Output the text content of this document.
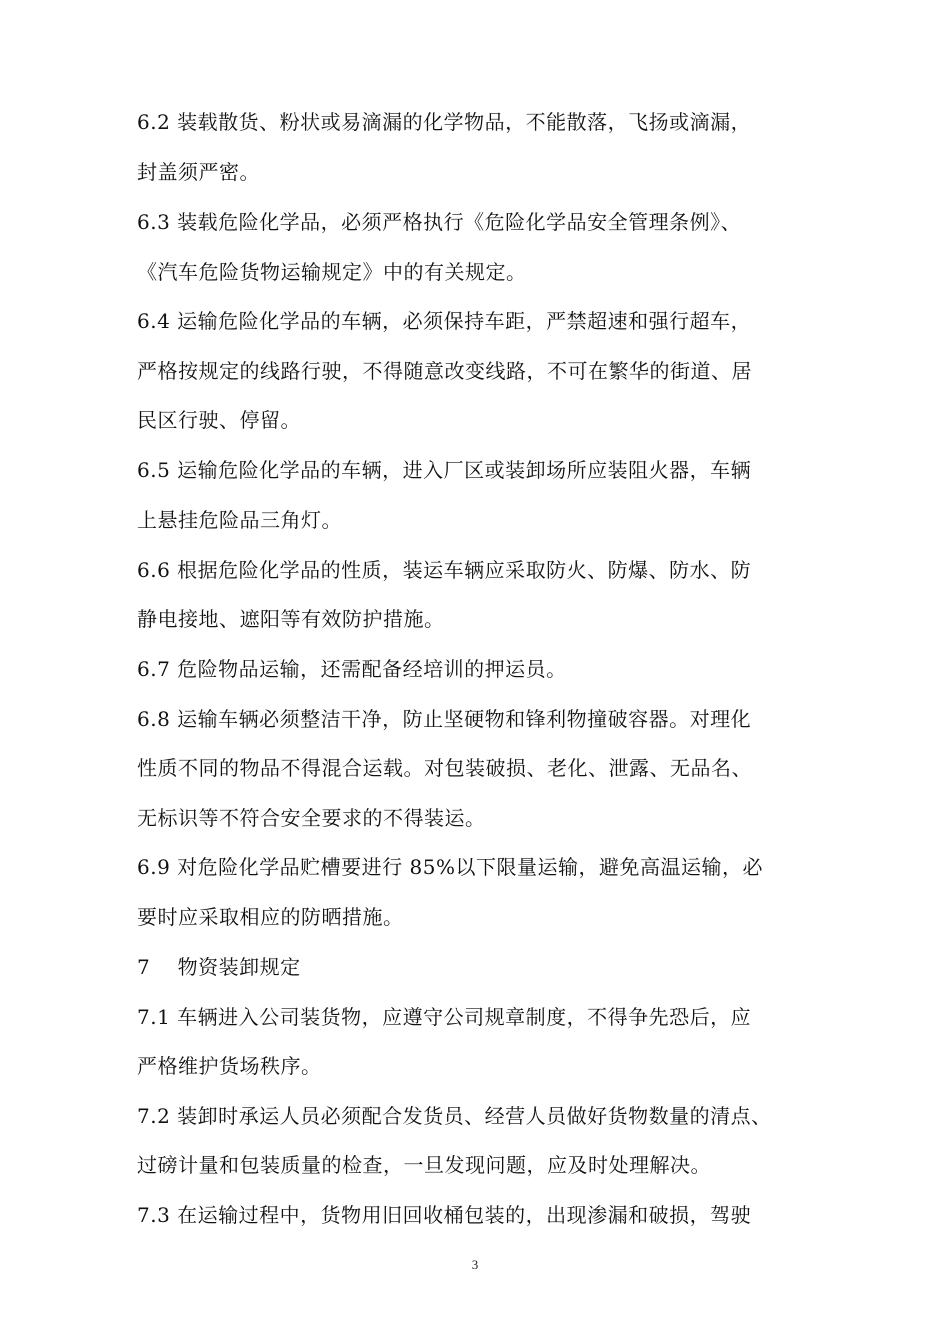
6.2 装载散货、粉状或易滴漏的化学物品，不能散落，飞扬或滴漏，
封盖须严密。
6.3 装载危险化学品，必须严格执行《危险化学品安全管理条例》、
《汽车危险货物运输规定》中的有关规定。
6.4 运输危险化学品的车辆，必须保持车距，严禁超速和强行超车，
严格按规定的线路行驶，不得随意改变线路，不可在繁华的街道、居
民区行驶、停留。
6.5 运输危险化学品的车辆，进入厂区或装卸场所应装阻火器，车辆
上悬挂危险品三角灯。
6.6 根据危险化学品的性质，装运车辆应采取防火、防爆、防水、防
静电接地、遮阳等有效防护措施。
6.7 危险物品运输，还需配备经培训的押运员。
6.8 运输车辆必须整洁干净，防止坚硬物和锋利物撞破容器。对理化
性质不同的物品不得混合运载。对包装破损、老化、泄露、无品名、
无标识等不符合安全要求的不得装运。
6.9 对危险化学品贮槽要进行 85%以下限量运输，避免高温运输，必
要时应采取相应的防晒措施。
7    物资装卸规定
7.1 车辆进入公司装货物，应遵守公司规章制度，不得争先恐后，应
严格维护货场秩序。
7.2 装卸时承运人员必须配合发货员、经营人员做好货物数量的清点、
过磅计量和包装质量的检查，一旦发现问题，应及时处理解决。
7.3 在运输过程中，货物用旧回收桶包装的，出现渗漏和破损，驾驶
3
